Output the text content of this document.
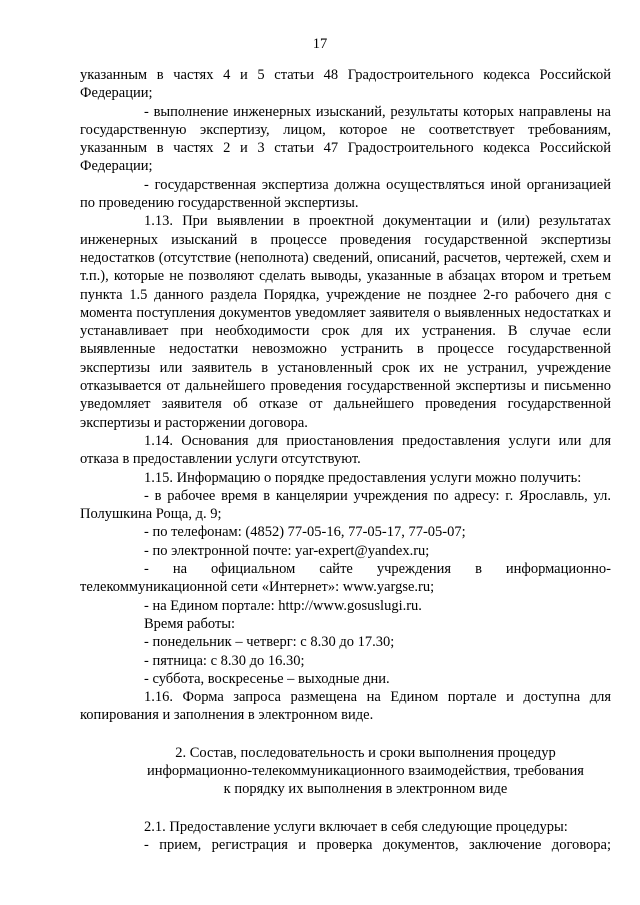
17

указанным в частях 4 и 5 статьи 48 Градостроительного кодекса Российской Федерации;

- выполнение инженерных изысканий, результаты которых направлены на государственную экспертизу, лицом, которое не соответствует требованиям, указанным в частях 2 и 3 статьи 47 Градостроительного кодекса Российской Федерации;

- государственная экспертиза должна осуществляться иной организацией по проведению государственной экспертизы.

1.13. При выявлении в проектной документации и (или) результатах инженерных изысканий в процессе проведения государственной экспертизы недостатков (отсутствие (неполнота) сведений, описаний, расчетов, чертежей, схем и т.п.), которые не позволяют сделать выводы, указанные в абзацах втором и третьем пункта 1.5 данного раздела Порядка, учреждение не позднее 2-го рабочего дня с момента поступления документов уведомляет заявителя о выявленных недостатках и устанавливает при необходимости срок для их устранения. В случае если выявленные недостатки невозможно устранить в процессе государственной экспертизы или заявитель в установленный срок их не устранил, учреждение отказывается от дальнейшего проведения государственной экспертизы и письменно уведомляет заявителя об отказе от дальнейшего проведения государственной экспертизы и расторжении договора.

1.14. Основания для приостановления предоставления услуги или для отказа в предоставлении услуги отсутствуют.

1.15. Информацию о порядке предоставления услуги можно получить:

- в рабочее время в канцелярии учреждения по адресу: г. Ярославль, ул. Полушкина Роща, д. 9;

- по телефонам: (4852) 77-05-16, 77-05-17, 77-05-07;

- по электронной почте: yar-expert@yandex.ru;

- на официальном сайте учреждения в информационно-телекоммуникационной сети «Интернет»: www.yargse.ru;

- на Едином портале: http://www.gosuslugi.ru.

Время работы:

- понедельник – четверг: с 8.30 до 17.30;

- пятница: с 8.30 до 16.30;

- суббота, воскресенье – выходные дни.

1.16. Форма запроса размещена на Едином портале и доступна для копирования и заполнения в электронном виде.

2. Состав, последовательность и сроки выполнения процедур
информационно-телекоммуникационного взаимодействия, требования
к порядку их выполнения в электронном виде

2.1. Предоставление услуги включает в себя следующие процедуры:

- прием, регистрация и проверка документов, заключение договора;
